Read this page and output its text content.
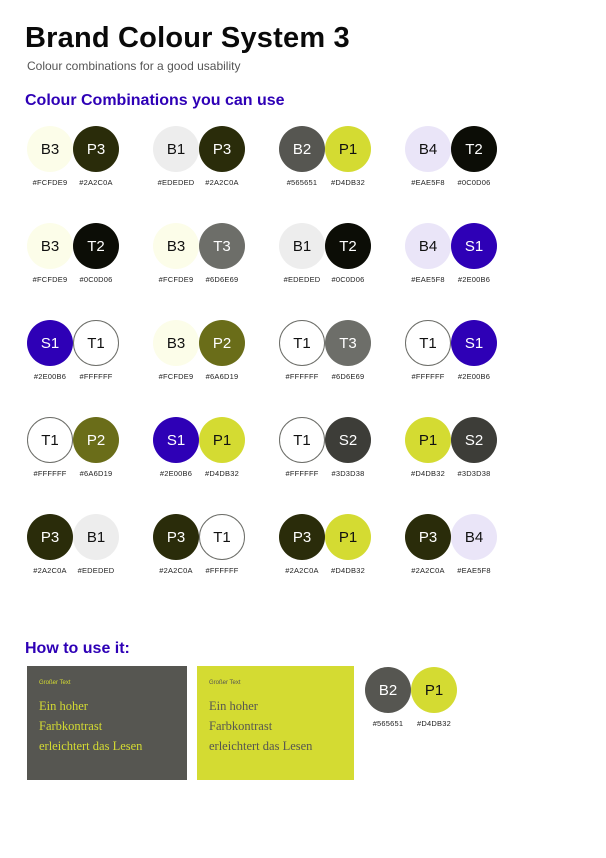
Brand Colour System 3
Colour combinations for a good usability
Colour Combinations you can use
B3
#FCFDE9
P3
#2A2C0A
B1
#EDEDED
P3
#2A2C0A
B2
#565651
P1
#D4DB32
B4
#EAE5F8
T2
#0C0D06
B3
#FCFDE9
T2
#0C0D06
B3
#FCFDE9
T3
#6D6E69
B1
#EDEDED
T2
#0C0D06
B4
#EAE5F8
S1
#2E00B6
S1
#2E00B6
T1
#FFFFFF
B3
#FCFDE9
P2
#6A6D19
T1
#FFFFFF
T3
#6D6E69
T1
#FFFFFF
S1
#2E00B6
T1
#FFFFFF
P2
#6A6D19
S1
#2E00B6
P1
#D4DB32
T1
#FFFFFF
S2
#3D3D38
P1
#D4DB32
S2
#3D3D38
P3
#2A2C0A
B1
#EDEDED
P3
#2A2C0A
T1
#FFFFFF
P3
#2A2C0A
P1
#D4DB32
P3
#2A2C0A
B4
#EAE5F8
How to use it:
Großer Text
Ein hoher
Farbkontrast
erleichtert das Lesen
Großer Text
Ein hoher
Farbkontrast
erleichtert das Lesen
B2
#565651
P1
#D4DB32
